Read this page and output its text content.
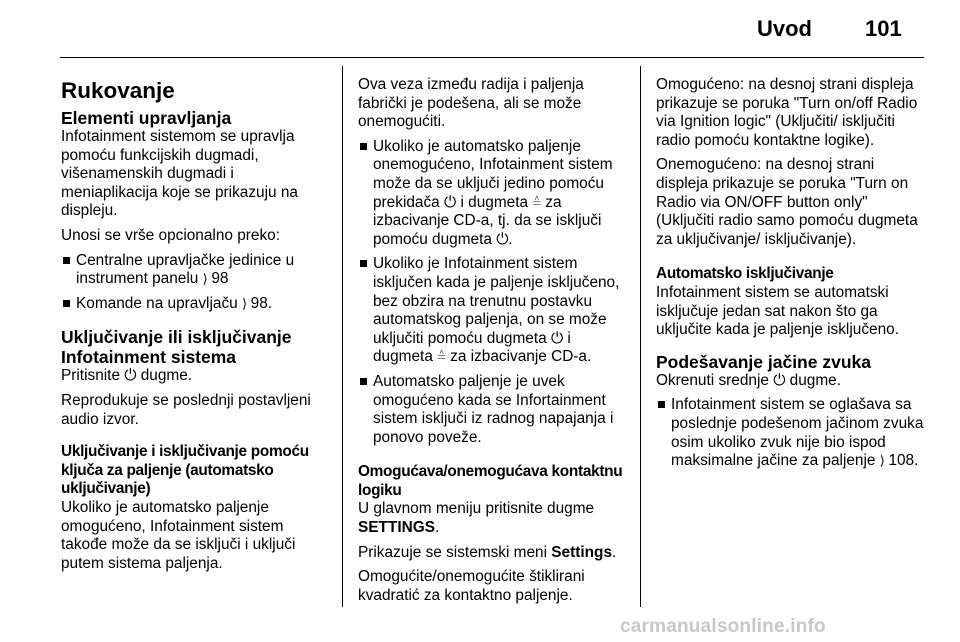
Uvod 101
Rukovanje
Elementi upravljanja

Infotainment sistemom se upravlja pomoću funkcijskih dugmadi, višenamenskih dugmadi i meniaplikacija koje se prikazuju na displeju.

Unosi se vrše opcionalno preko:

Centralne upravljačke jedinice u instrument panelu ⟩ 98
Komande na upravljaču ⟩ 98.
Uključivanje ili isključivanje Infotainment sistema

Pritisnite ⏻ dugme.

Reprodukuje se poslednji postavljeni audio izvor.

Uključivanje i isključivanje pomoću ključa za paljenje (automatsko uključivanje)

Ukoliko je automatsko paljenje omogućeno, Infotainment sistem takođe može da se isključi i uključi putem sistema paljenja.

Ova veza između radija i paljenja fabrički je podešena, ali se može onemogućiti.

Ukoliko je automatsko paljenje onemogućeno, Infotainment sistem može da se uključi jedino pomoću prekidača ⏻ i dugmeta ≙ za izbacivanje CD-a, tj. da se isključi pomoću dugmeta ⏻.
Ukoliko je Infotainment sistem isključen kada je paljenje isključeno, bez obzira na trenutnu postavku automatskog paljenja, on se može uključiti pomoću dugmeta ⏻ i dugmeta ≙ za izbacivanje CD-a.
Automatsko paljenje je uvek omogućeno kada se Infortainment sistem isključi iz radnog napajanja i ponovo poveže.
Omogućava/onemogućava kontaktnu logiku

U glavnom meniju pritisnite dugme SETTINGS.

Prikazuje se sistemski meni Settings.

Omogućite/onemogućite štiklirani kvadratić za kontaktno paljenje.

Omogućeno: na desnoj strani displeja prikazuje se poruka "Turn on/off Radio via Ignition logic" (Uključiti/ isključiti radio pomoću kontaktne logike).

Onemogućeno: na desnoj strani displeja prikazuje se poruka "Turn on Radio via ON/OFF button only" (Uključiti radio samo pomoću dugmeta za uključivanje/ isključivanje).

Automatsko isključivanje

Infotainment sistem se automatski isključuje jedan sat nakon što ga uključite kada je paljenje isključeno.

Podešavanje jačine zvuka

Okrenuti srednje ⏻ dugme.

Infotainment sistem se oglašava sa poslednje podešenom jačinom zvuka osim ukoliko zvuk nije bio ispod maksimalne jačine za paljenje ⟩ 108.
carmanualsonline.info
